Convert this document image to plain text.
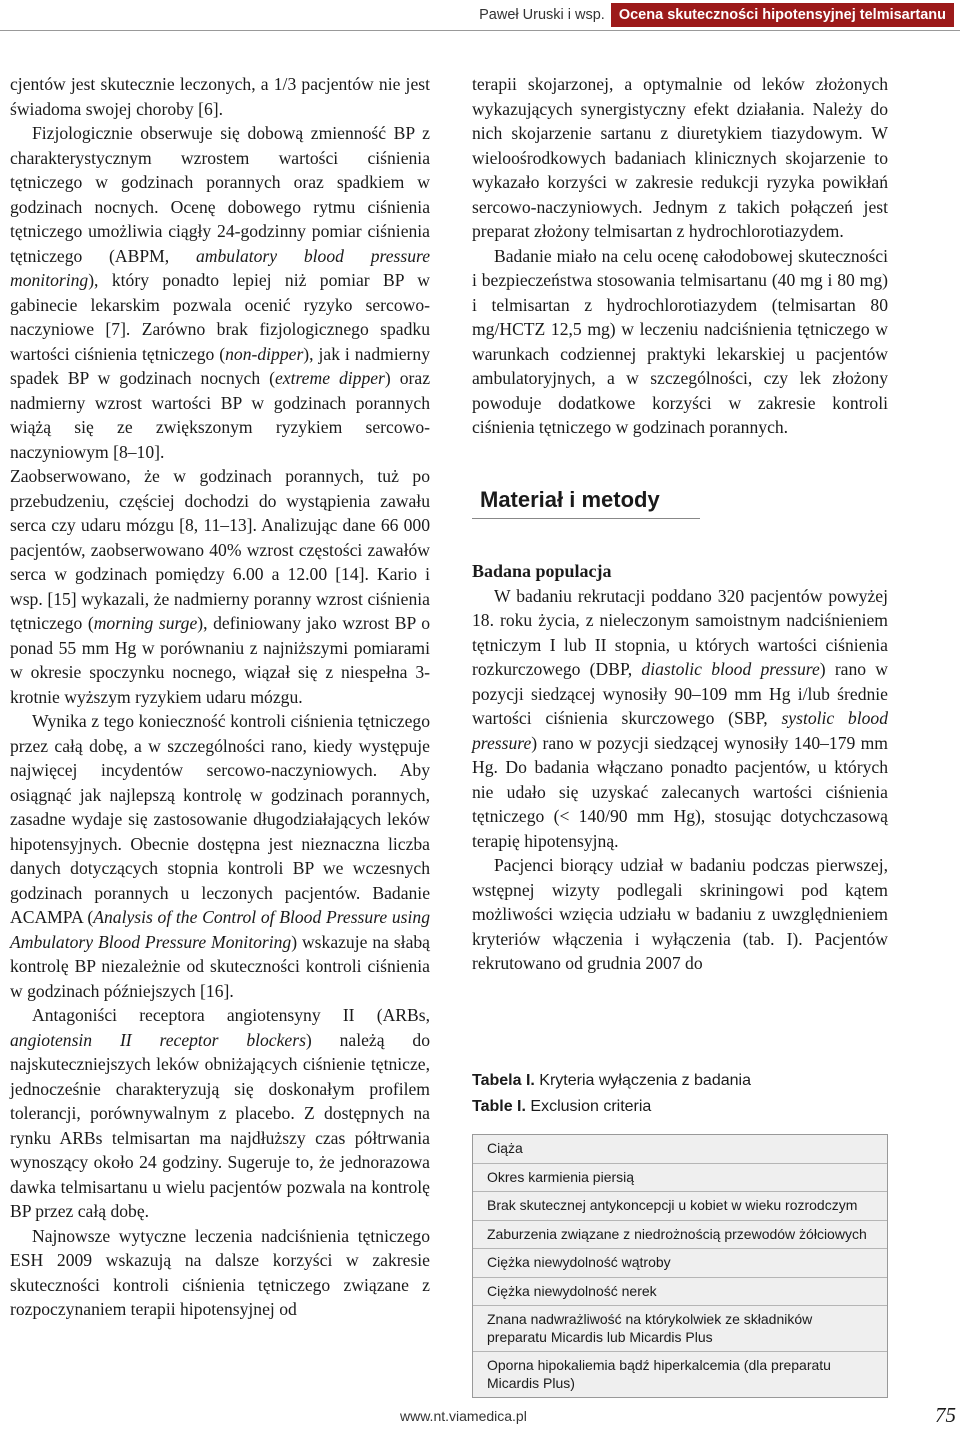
Paweł Uruski i wsp. Ocena skuteczności hipotensyjnej telmisartanu

cjentów jest skutecznie leczonych, a 1/3 pacjentów nie jest świadoma swojej choroby [6].

Fizjologicznie obserwuje się dobową zmienność BP z charakterystycznym wzrostem wartości ciśnienia tętniczego w godzinach porannych oraz spadkiem w godzinach nocnych. Ocenę dobowego rytmu ciśnienia tętniczego umożliwia ciągły 24-godzinny pomiar ciśnienia tętniczego (ABPM, ambulatory blood pressure monitoring), który ponadto lepiej niż pomiar BP w gabinecie lekarskim pozwala ocenić ryzyko sercowo-naczyniowe [7]. Zarówno brak fizjologicznego spadku wartości ciśnienia tętniczego (non-dipper), jak i nadmierny spadek BP w godzinach nocnych (extreme dipper) oraz nadmierny wzrost wartości BP w godzinach porannych wiążą się ze zwiększonym ryzykiem sercowo-naczyniowym [8–10].

Zaobserwowano, że w godzinach porannych, tuż po przebudzeniu, częściej dochodzi do wystąpienia zawału serca czy udaru mózgu [8, 11–13]. Analizując dane 66 000 pacjentów, zaobserwowano 40% wzrost częstości zawałów serca w godzinach pomiędzy 6.00 a 12.00 [14]. Kario i wsp. [15] wykazali, że nadmierny poranny wzrost ciśnienia tętniczego (morning surge), definiowany jako wzrost BP o ponad 55 mm Hg w porównaniu z najniższymi pomiarami w okresie spoczynku nocnego, wiązał się z niespełna 3-krotnie wyższym ryzykiem udaru mózgu.

Wynika z tego konieczność kontroli ciśnienia tętniczego przez całą dobę, a w szczególności rano, kiedy występuje najwięcej incydentów sercowo-naczyniowych. Aby osiągnąć jak najlepszą kontrolę w godzinach porannych, zasadne wydaje się zastosowanie długodziałających leków hipotensyjnych. Obecnie dostępna jest nieznaczna liczba danych dotyczących stopnia kontroli BP we wczesnych godzinach porannych u leczonych pacjentów. Badanie ACAMPA (Analysis of the Control of Blood Pressure using Ambulatory Blood Pressure Monitoring) wskazuje na słabą kontrolę BP niezależnie od skuteczności kontroli ciśnienia w godzinach późniejszych [16].

Antagoniści receptora angiotensyny II (ARBs, angiotensin II receptor blockers) należą do najskuteczniejszych leków obniżających ciśnienie tętnicze, jednocześnie charakteryzują się doskonałym profilem tolerancji, porównywalnym z placebo. Z dostępnych na rynku ARBs telmisartan ma najdłuższy czas półtrwania wynoszący około 24 godziny. Sugeruje to, że jednorazowa dawka telmisartanu u wielu pacjentów pozwala na kontrolę BP przez całą dobę.

Najnowsze wytyczne leczenia nadciśnienia tętniczego ESH 2009 wskazują na dalsze korzyści w zakresie skuteczności kontroli ciśnienia tętniczego związane z rozpoczynaniem terapii hipotensyjnej od

terapii skojarzonej, a optymalnie od leków złożonych wykazujących synergistyczny efekt działania. Należy do nich skojarzenie sartanu z diuretykiem tiazydowym. W wieloośrodkowych badaniach klinicznych skojarzenie to wykazało korzyści w zakresie redukcji ryzyka powikłań sercowo-naczyniowych. Jednym z takich połączeń jest preparat złożony telmisartan z hydrochlorotiazydem.

Badanie miało na celu ocenę całodobowej skuteczności i bezpieczeństwa stosowania telmisartanu (40 mg i 80 mg) i telmisartan z hydrochlorotiazydem (telmisartan 80 mg/HCTZ 12,5 mg) w leczeniu nadciśnienia tętniczego w warunkach codziennej praktyki lekarskiej u pacjentów ambulatoryjnych, a w szczególności, czy lek złożony powoduje dodatkowe korzyści w zakresie kontroli ciśnienia tętniczego w godzinach porannych.

Materiał i metody
Badana populacja

W badaniu rekrutacji poddano 320 pacjentów powyżej 18. roku życia, z nieleczonym samoistnym nadciśnieniem tętniczym I lub II stopnia, u których wartości ciśnienia rozkurczowego (DBP, diastolic blood pressure) rano w pozycji siedzącej wynosiły 90–109 mm Hg i/lub średnie wartości ciśnienia skurczowego (SBP, systolic blood pressure) rano w pozycji siedzącej wynosiły 140–179 mm Hg. Do badania włączano ponadto pacjentów, u których nie udało się uzyskać zalecanych wartości ciśnienia tętniczego (< 140/90 mm Hg), stosując dotychczasową terapię hipotensyjną.

Pacjenci biorący udział w badaniu podczas pierwszej, wstępnej wizyty podlegali skriningowi pod kątem możliwości wzięcia udziału w badaniu z uwzględnieniem kryteriów włączenia i wyłączenia (tab. I). Pacjentów rekrutowano od grudnia 2007 do

Tabela I. Kryteria wyłączenia z badania
Table I. Exclusion criteria
Ciąża
Okres karmienia piersią
Brak skutecznej antykoncepcji u kobiet w wieku rozrodczym
Zaburzenia związane z niedrożnością przewodów żółciowych
Ciężka niewydolność wątroby
Ciężka niewydolność nerek
Znana nadwrażliwość na którykolwiek ze składników preparatu Micardis lub Micardis Plus
Oporna hipokaliemia bądź hiperkalcemia (dla preparatu Micardis Plus)
www.nt.viamedica.pl	75
